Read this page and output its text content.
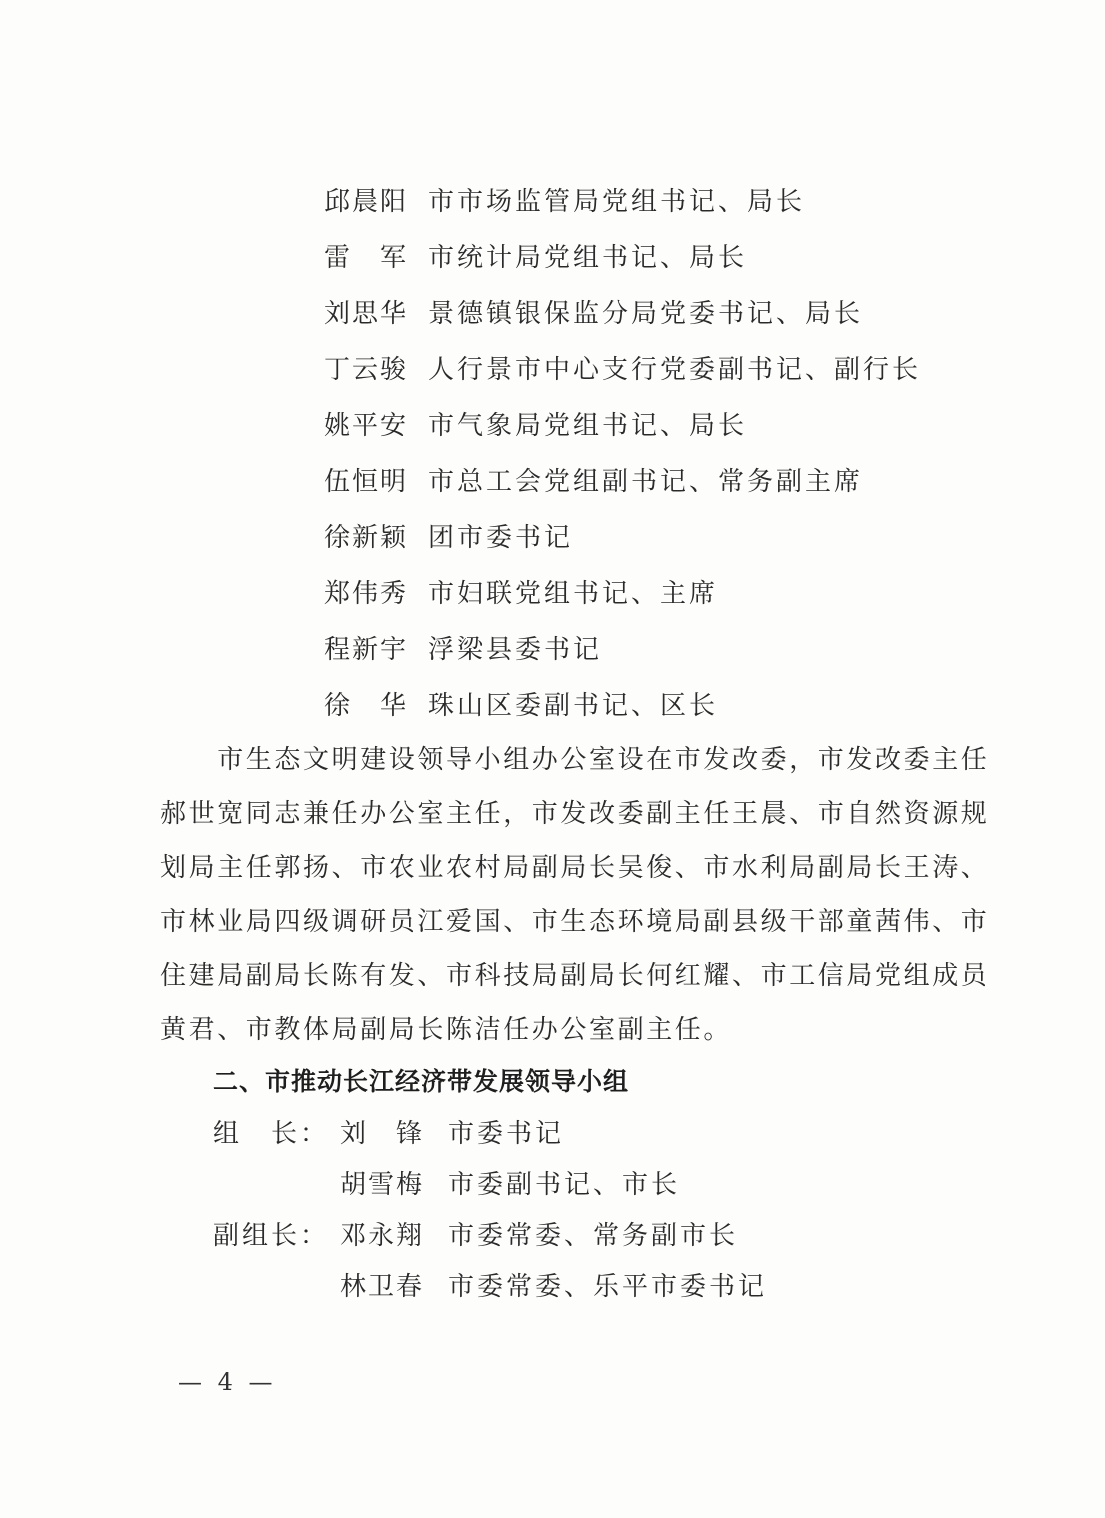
邱晨阳 市市场监管局党组书记、局长
雷　军 市统计局党组书记、局长
刘思华 景德镇银保监分局党委书记、局长
丁云骏 人行景市中心支行党委副书记、副行长
姚平安 市气象局党组书记、局长
伍恒明 市总工会党组副书记、常务副主席
徐新颖 团市委书记
郑伟秀 市妇联党组书记、主席
程新宇 浮梁县委书记
徐　华 珠山区委副书记、区长

　　市生态文明建设领导小组办公室设在市发改委，市发改委主任
郝世宽同志兼任办公室主任，市发改委副主任王晨、市自然资源规
划局主任郭扬、市农业农村局副局长吴俊、市水利局副局长王涛、
市林业局四级调研员江爱国、市生态环境局副县级干部童茜伟、市
住建局副局长陈有发、市科技局副局长何红耀、市工信局党组成员
黄君、市教体局副局长陈洁任办公室副主任。

二、市推动长江经济带发展领导小组
组　长： 刘　锋 市委书记
胡雪梅 市委副书记、市长
副组长： 邓永翔 市委常委、常务副市长
林卫春 市委常委、乐平市委书记
— 4 —
